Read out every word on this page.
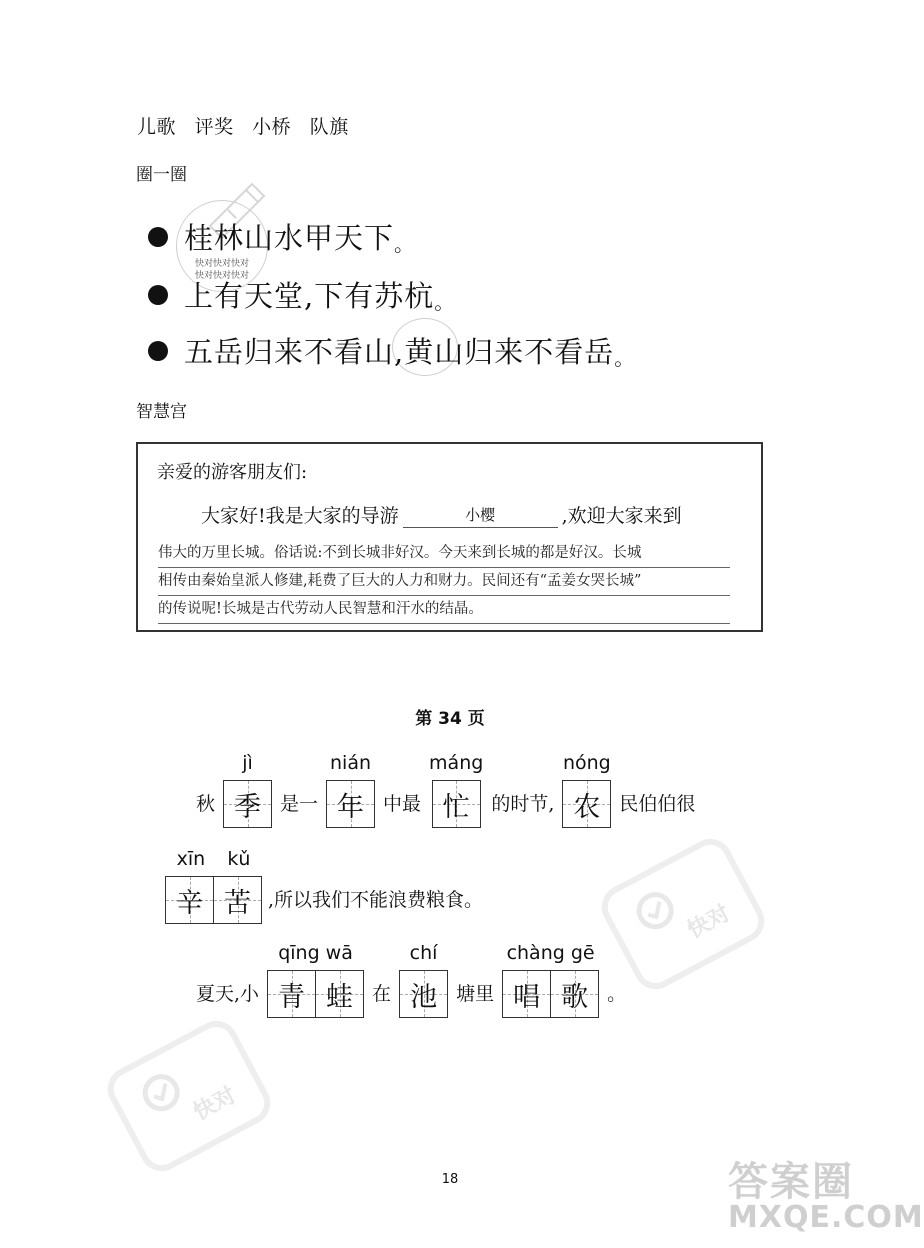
儿歌 评奖 小桥 队旗
圈一圈
快对快对快对
快对快对快对
桂林山水甲天下 。
上有天堂,下有苏杭 。
五岳归来不看山,黄山归来不看岳 。
智慧宫
亲爱的游客朋友们:
大家好!我是大家的导游	小樱	,欢迎大家来到
伟大的万里长城。俗话说:不到长城非好汉。今天来到长城的都是好汉。长城
相传由秦始皇派人修建,耗费了巨大的人力和财力。民间还有“孟姜女哭长城”
的传说呢!长城是古代劳动人民智慧和汗水的结晶。
第 34 页
秋
jì
季 是一
nián
年 中最
máng
忙 的时节,
nóng
农 民伯伯很
xīn kǔ
辛 苦 ,所以我们不能浪费粮食。
夏天,小
qīng wā
青 蛙 在
chí
池 塘里
chàng gē
唱 歌 。
快对
快对
18	答案圈
MXQE.COM
